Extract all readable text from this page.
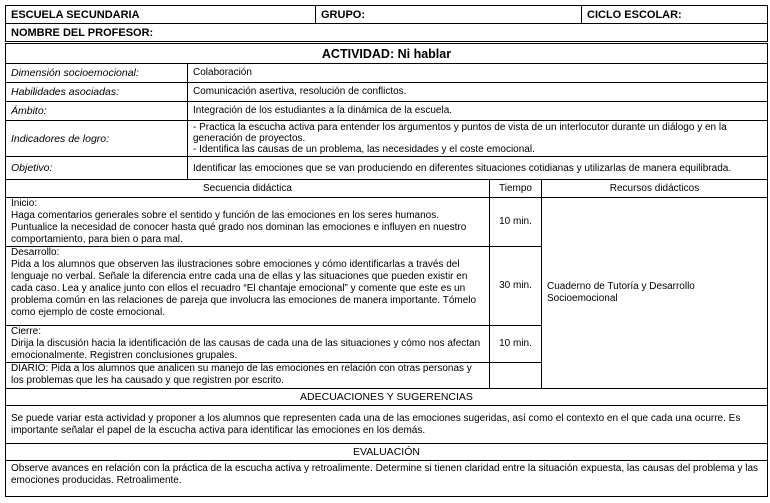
ESCUELA SECUNDARIA	GRUPO:	CICLO ESCOLAR:
NOMBRE DEL PROFESOR:
ACTIVIDAD: Ni hablar			
Dimensión socioemocional:	Colaboración		
Habilidades asociadas:	Comunicación asertiva, resolución de conflictos.		
Ámbito:	Integración de los estudiantes a la dinámica de la escuela.		
Indicadores de logro:	- Practica la escucha activa para entender los argumentos y puntos de vista de un interlocutor durante un diálogo y en la generación de proyectos.
- Identifica las causas de un problema, las necesidades y el coste emocional.		

Objetivo:	Identificar las emociones que se van produciendo en diferentes situaciones cotidianas y utilizarlas de manera equilibrada.		
Secuencia didáctica		Tiempo	Recursos didácticos

Inicio:
Haga comentarios generales sobre el sentido y función de las emociones en los seres humanos. Puntualice la necesidad de conocer hasta qué grado nos dominan las emociones e influyen en nuestro comportamiento, para bien o para mal.		10 min.	Cuaderno de Tutoría y Desarrollo Socioemocional

Desarrollo:
Pida a los alumnos que observen las ilustraciones sobre emociones y cómo identificarlas a través del lenguaje no verbal. Señale la diferencia entre cada una de ellas y las situaciones que pueden existir en cada caso. Lea y analice junto con ellos el recuadro “El chantaje emocional” y comente que este es un problema común en las relaciones de pareja que involucra las emociones de manera importante. Tómelo como ejemplo de coste emocional.		30 min.	

Cierre:
Dirija la discusión hacia la identificación de las causas de cada una de las situaciones y cómo nos afectan emocionalmente. Registren conclusiones grupales.		10 min.	

DIARIO: Pida a los alumnos que analicen su manejo de las emociones en relación con otras personas y los problemas que les ha causado y que registren por escrito.			

ADECUACIONES Y SUGERENCIAS			
Se puede variar esta actividad y proponer a los alumnos que representen cada una de las emociones sugeridas, así como el contexto en el que cada una ocurre. Es importante señalar el papel de la escucha activa para identificar las emociones en los demás.			
EVALUACIÓN			
Observe avances en relación con la práctica de la escucha activa y retroalimente. Determine si tienen claridad entre la situación expuesta, las causas del problema y las emociones producidas. Retroalimente.			
